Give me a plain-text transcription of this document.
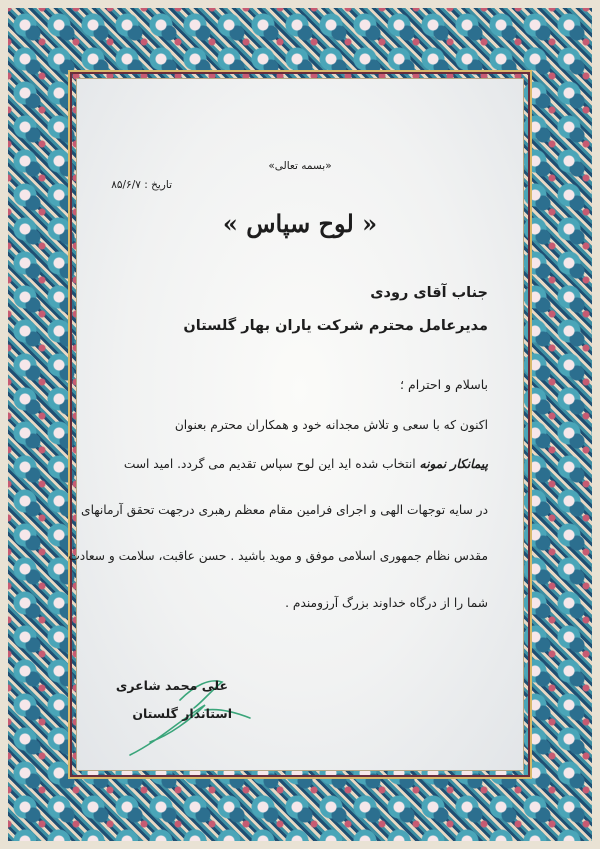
«بسمه تعالی»
تاریخ : ۸۵/۶/۷
« لوح سپاس »
جناب آقای رودی
مدیرعامل محترم شرکت یاران بهار گلستان
باسلام و احترام ؛
اکنون که با سعی و تلاش مجدانه خود و همکاران محترم بعنوان
پیمانکار نمونه انتخاب شده اید این لوح سپاس تقدیم می گردد. امید است
در سایه توجهات الهی و اجرای فرامین مقام معظم رهبری درجهت تحقق آرمانهای
مقدس نظام جمهوری اسلامی موفق و موید باشید . حسن عاقبت، سلامت و سعادت
شما را از درگاه خداوند بزرگ آرزومندم .
علی محمد شاعری
استاندار گلستان
